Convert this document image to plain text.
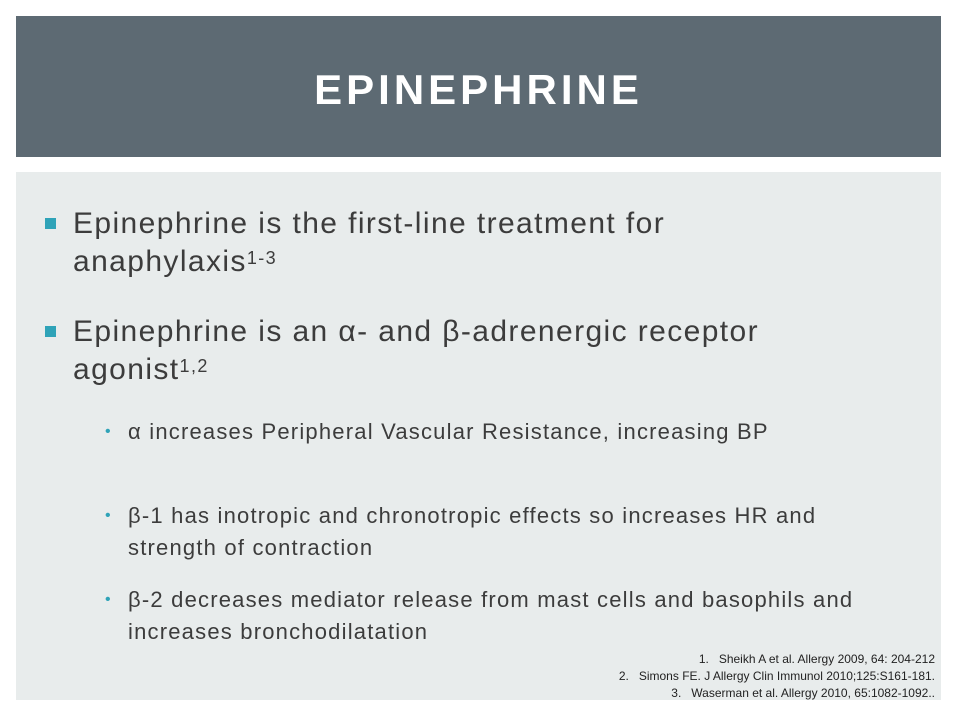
EPINEPHRINE
Epinephrine is the first-line treatment for anaphylaxis$^{1-3}$
Epinephrine is an α- and β-adrenergic receptor agonist$^{1,2}$
• α increases Peripheral Vascular Resistance, increasing BP
• β-1 has inotropic and chronotropic effects so increases HR and strength of contraction
• β-2 decreases mediator release from mast cells and basophils and increases bronchodilatation
1. Sheikh A et al. Allergy 2009, 64: 204-212
2. Simons FE. J Allergy Clin Immunol 2010;125:S161-181.
3. Waserman et al. Allergy 2010, 65:1082-1092..
